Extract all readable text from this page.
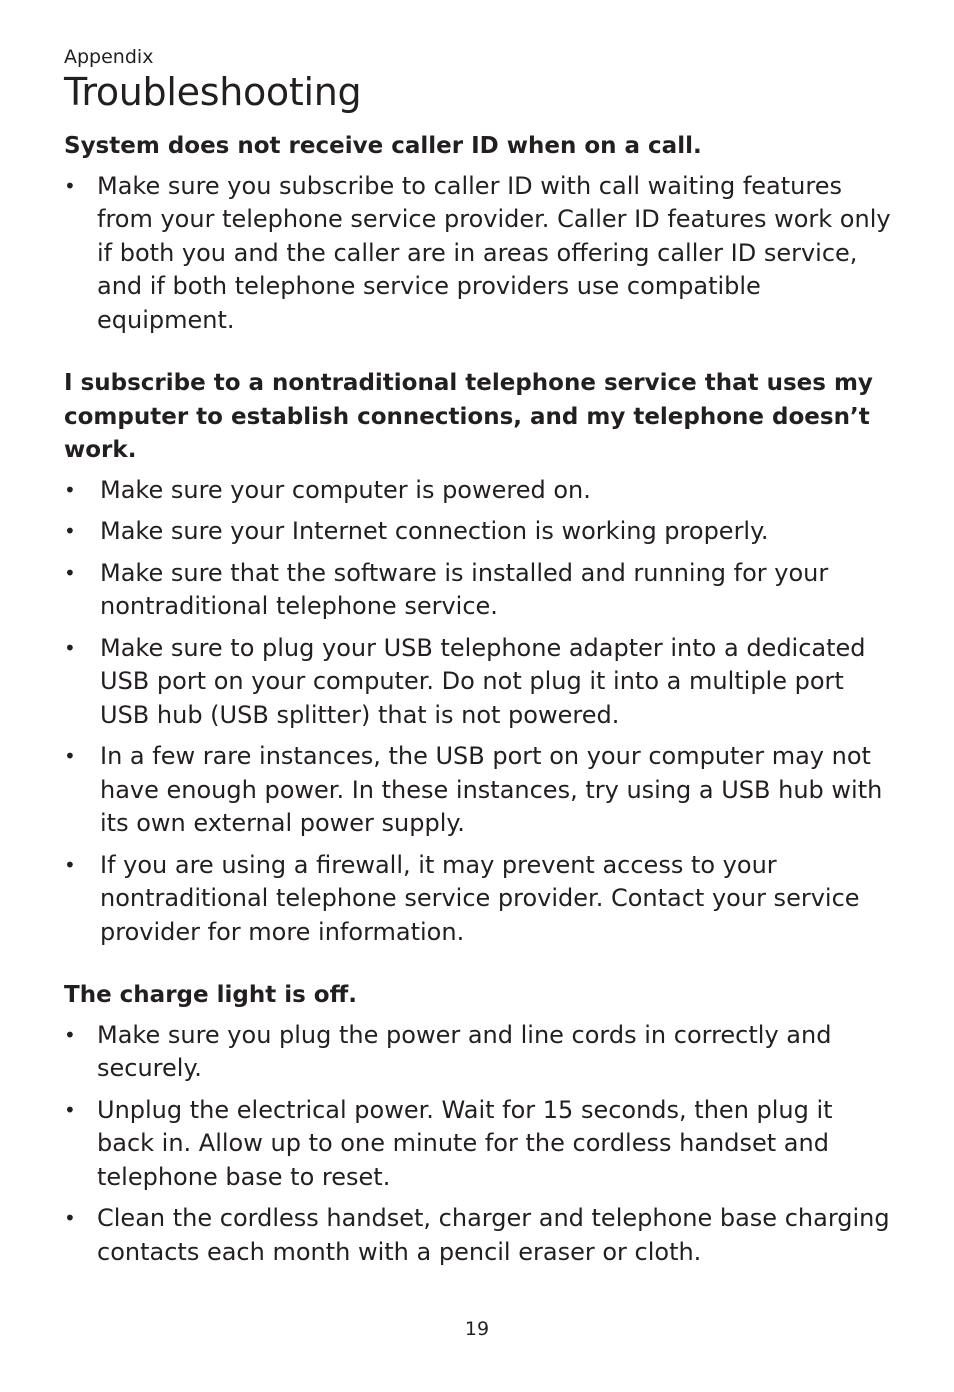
Appendix

Troubleshooting
System does not receive caller ID when on a call.
• Make sure you subscribe to caller ID with call waiting features from your telephone service provider. Caller ID features work only if both you and the caller are in areas offering caller ID service, and if both telephone service providers use compatible equipment.
I subscribe to a nontraditional telephone service that uses my computer to establish connections, and my telephone doesn’t work.
•	Make sure your computer is powered on.
•	Make sure your Internet connection is working properly.
•	Make sure that the software is installed and running for your nontraditional telephone service.
•	Make sure to plug your USB telephone adapter into a dedicated USB port on your computer. Do not plug it into a multiple port USB hub (USB splitter) that is not powered.
•	In a few rare instances, the USB port on your computer may not have enough power. In these instances, try using a USB hub with its own external power supply.
•	If you are using a firewall, it may prevent access to your nontraditional telephone service provider. Contact your service provider for more information.
The charge light is off.
• Make sure you plug the power and line cords in correctly and securely.
• Unplug the electrical power. Wait for 15 seconds, then plug it back in. Allow up to one minute for the cordless handset and telephone base to reset.
• Clean the cordless handset, charger and telephone base charging contacts each month with a pencil eraser or cloth.
19
